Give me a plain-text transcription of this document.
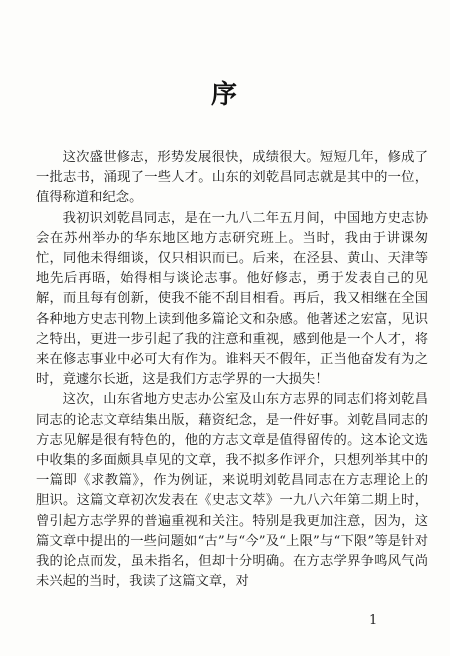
序

这次盛世修志，形势发展很快，成绩很大。短短几年，修成了一批志书，涌现了一些人才。山东的刘乾昌同志就是其中的一位，值得称道和纪念。

我初识刘乾昌同志，是在一九八二年五月间，中国地方史志协会在苏州举办的华东地区地方志研究班上。当时，我由于讲课匆忙，同他未得细谈，仅只相识而已。后来，在泾县、黄山、天津等地先后再晤，始得相与谈论志事。他好修志，勇于发表自己的见解，而且每有创新，使我不能不刮目相看。再后，我又相继在全国各种地方史志刊物上读到他多篇论文和杂感。他著述之宏富，见识之特出，更进一步引起了我的注意和重视，感到他是一个人才，将来在修志事业中必可大有作为。谁料天不假年，正当他奋发有为之时，竟遽尔长逝，这是我们方志学界的一大损失！

这次，山东省地方史志办公室及山东方志界的同志们将刘乾昌同志的论志文章结集出版，藉资纪念，是一件好事。刘乾昌同志的方志见解是很有特色的，他的方志文章是值得留传的。这本论文选中收集的多面颇具卓见的文章，我不拟多作评介，只想列举其中的一篇即《求教篇》，作为例证，来说明刘乾昌同志在方志理论上的胆识。这篇文章初次发表在《史志文萃》一九八六年第二期上时，曾引起方志学界的普遍重视和关注。特别是我更加注意，因为，这篇文章中提出的一些问题如“古”与“今”及“上限”与“下限”等是针对我的论点而发，虽未指名，但却十分明确。在方志学界争鸣风气尚未兴起的当时，我读了这篇文章，对

1
